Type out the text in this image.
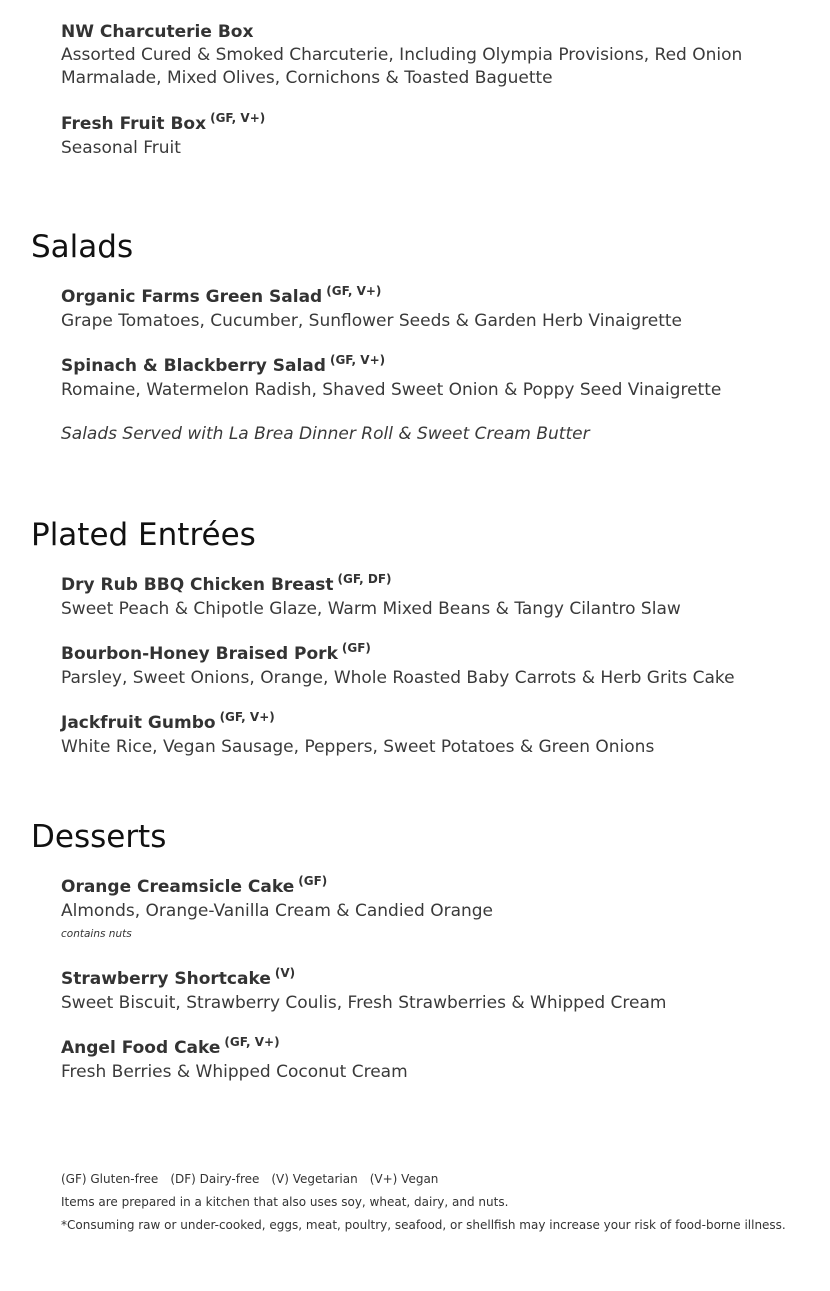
NW Charcuterie Box
Assorted Cured & Smoked Charcuterie, Including Olympia Provisions, Red Onion Marmalade, Mixed Olives, Cornichons & Toasted Baguette
Fresh Fruit Box $^{(GF, V+)}$
Seasonal Fruit
Salads
Organic Farms Green Salad $^{(GF, V+)}$
Grape Tomatoes, Cucumber, Sunflower Seeds & Garden Herb Vinaigrette
Spinach & Blackberry Salad $^{(GF, V+)}$
Romaine, Watermelon Radish, Shaved Sweet Onion & Poppy Seed Vinaigrette
Salads Served with La Brea Dinner Roll & Sweet Cream Butter
Plated Entrées
Dry Rub BBQ Chicken Breast $^{(GF, DF)}$
Sweet Peach & Chipotle Glaze, Warm Mixed Beans & Tangy Cilantro Slaw
Bourbon-Honey Braised Pork $^{(GF)}$
Parsley, Sweet Onions, Orange, Whole Roasted Baby Carrots & Herb Grits Cake
Jackfruit Gumbo $^{(GF, V+)}$
White Rice, Vegan Sausage, Peppers, Sweet Potatoes & Green Onions
Desserts
Orange Creamsicle Cake $^{(GF)}$
Almonds, Orange-Vanilla Cream & Candied Orange
contains nuts
Strawberry Shortcake $^{(V)}$
Sweet Biscuit, Strawberry Coulis, Fresh Strawberries & Whipped Cream
Angel Food Cake $^{(GF, V+)}$
Fresh Berries & Whipped Coconut Cream
(GF) Gluten-free (DF) Dairy-free (V) Vegetarian (V+) Vegan
Items are prepared in a kitchen that also uses soy, wheat, dairy, and nuts.
*Consuming raw or under-cooked, eggs, meat, poultry, seafood, or shellfish may increase your risk of food-borne illness.
